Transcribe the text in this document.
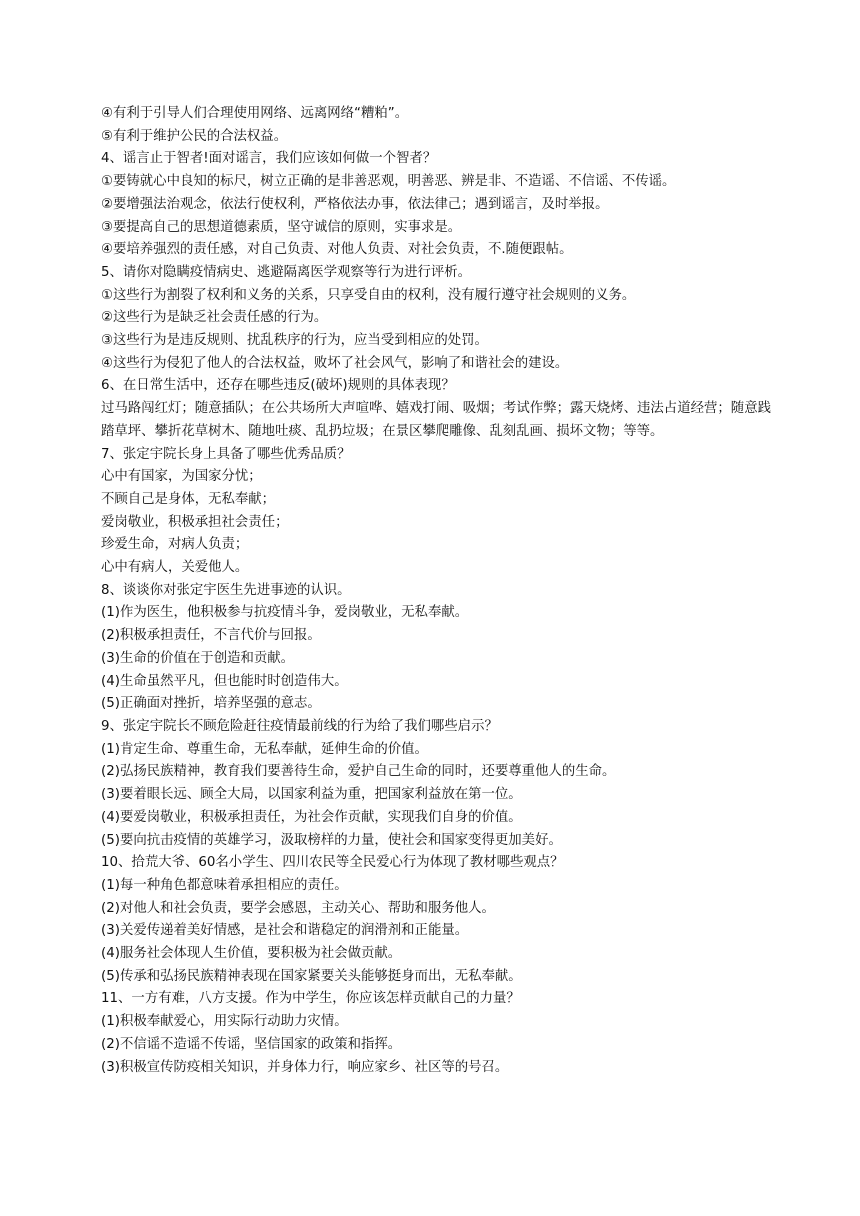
④有利于引导人们合理使用网络、远离网络“糟粕”。
⑤有利于维护公民的合法权益。
4、谣言止于智者!面对谣言，我们应该如何做一个智者？
①要铸就心中良知的标尺，树立正确的是非善恶观，明善恶、辨是非、不造谣、不信谣、不传谣。
②要增强法治观念，依法行使权利，严格依法办事，依法律己；遇到谣言，及时举报。
③要提高自己的思想道德素质，坚守诚信的原则，实事求是。
④要培养强烈的责任感，对自己负责、对他人负责、对社会负责，不.随便跟帖。
5、请你对隐瞒疫情病史、逃避隔离医学观察等行为进行评析。
①这些行为割裂了权利和义务的关系，只享受自由的权利，没有履行遵守社会规则的义务。
②这些行为是缺乏社会责任感的行为。
③这些行为是违反规则、扰乱秩序的行为，应当受到相应的处罚。
④这些行为侵犯了他人的合法权益，败坏了社会风气，影响了和谐社会的建设。
6、在日常生活中，还存在哪些违反(破坏)规则的具体表现？
过马路闯红灯；随意插队；在公共场所大声喧哗、嬉戏打闹、吸烟；考试作弊；露天烧烤、违法占道经营；随意践踏草坪、攀折花草树木、随地吐痰、乱扔垃圾；在景区攀爬雕像、乱刻乱画、损坏文物；等等。
7、张定宇院长身上具备了哪些优秀品质？
心中有国家，为国家分忧；
不顾自己是身体，无私奉献；
爱岗敬业，积极承担社会责任；
珍爱生命，对病人负责；
心中有病人，关爱他人。
8、谈谈你对张定宇医生先进事迹的认识。
(1)作为医生，他积极参与抗疫情斗争，爱岗敬业，无私奉献。
(2)积极承担责任，不言代价与回报。
(3)生命的价值在于创造和贡献。
(4)生命虽然平凡，但也能时时创造伟大。
(5)正确面对挫折，培养坚强的意志。
9、张定宇院长不顾危险赶往疫情最前线的行为给了我们哪些启示？
(1)肯定生命、尊重生命，无私奉献，延伸生命的价值。
(2)弘扬民族精神，教育我们要善待生命，爱护自己生命的同时，还要尊重他人的生命。
(3)要着眼长远、顾全大局，以国家利益为重，把国家利益放在第一位。
(4)要爱岗敬业，积极承担责任，为社会作贡献，实现我们自身的价值。
(5)要向抗击疫情的英雄学习，汲取榜样的力量，使社会和国家变得更加美好。
10、拾荒大爷、60名小学生、四川农民等全民爱心行为体现了教材哪些观点？
(1)每一种角色都意味着承担相应的责任。
(2)对他人和社会负责，要学会感恩，主动关心、帮助和服务他人。
(3)关爱传递着美好情感，是社会和谐稳定的润滑剂和正能量。
(4)服务社会体现人生价值，要积极为社会做贡献。
(5)传承和弘扬民族精神表现在国家紧要关头能够挺身而出，无私奉献。
11、一方有难，八方支援。作为中学生，你应该怎样贡献自己的力量？
(1)积极奉献爱心，用实际行动助力灾情。
(2)不信谣不造谣不传谣，坚信国家的政策和指挥。
(3)积极宣传防疫相关知识，并身体力行，响应家乡、社区等的号召。
